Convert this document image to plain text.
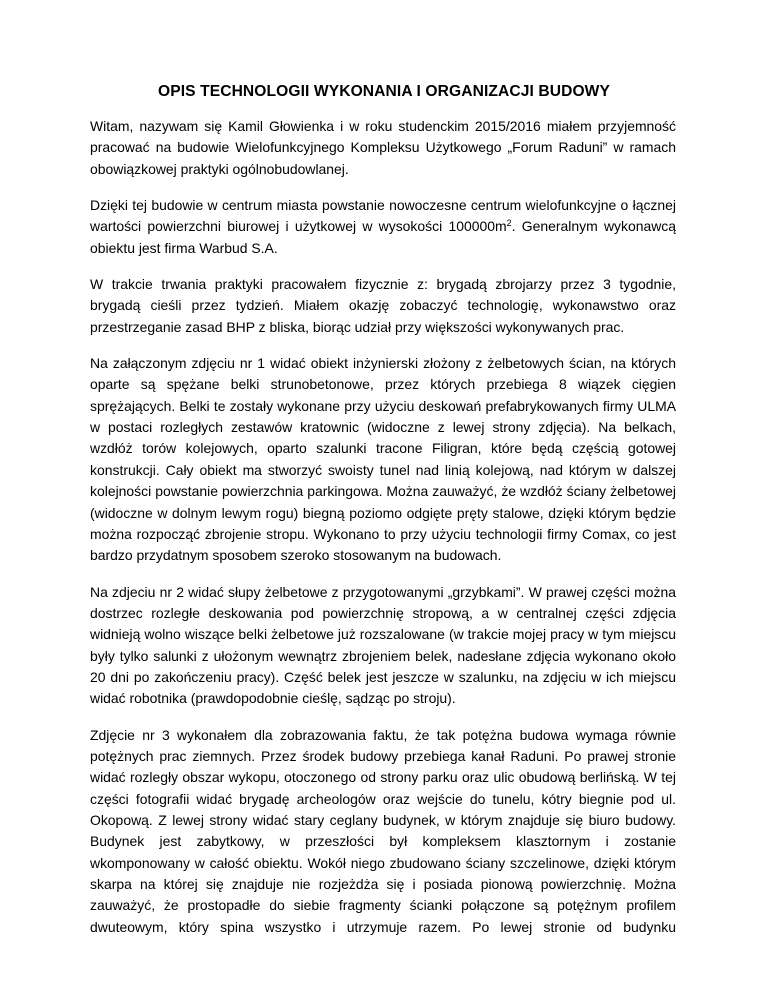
OPIS TECHNOLOGII WYKONANIA I ORGANIZACJI BUDOWY

Witam, nazywam się Kamil Głowienka i w roku studenckim 2015/2016 miałem przyjemność pracować na budowie Wielofunkcyjnego Kompleksu Użytkowego „Forum Raduni” w ramach obowiązkowej praktyki ogólnobudowlanej.

Dzięki tej budowie w centrum miasta powstanie nowoczesne centrum wielofunkcyjne o łącznej wartości powierzchni biurowej i użytkowej w wysokości $100000m^2$. Generalnym wykonawcą obiektu jest firma Warbud S.A.

W trakcie trwania praktyki pracowałem fizycznie z: brygadą zbrojarzy przez 3 tygodnie, brygadą cieśli przez tydzień. Miałem okazję zobaczyć technologię, wykonawstwo oraz przestrzeganie zasad BHP z bliska, biorąc udział przy większości wykonywanych prac.

Na załączonym zdjęciu nr 1 widać obiekt inżynierski złożony z żelbetowych ścian, na których oparte są spężane belki strunobetonowe, przez których przebiega 8 wiązek cięgien sprężających. Belki te zostały wykonane przy użyciu deskowań prefabrykowanych firmy ULMA w postaci rozległych zestawów kratownic (widoczne z lewej strony zdjęcia). Na belkach, wzdłóż torów kolejowych, oparto szalunki tracone Filigran, które będą częścią gotowej konstrukcji. Cały obiekt ma stworzyć swoisty tunel nad linią kolejową, nad którym w dalszej kolejności powstanie powierzchnia parkingowa. Można zauważyć, że wzdłóż ściany żelbetowej (widoczne w dolnym lewym rogu) biegną poziomo odgięte pręty stalowe, dzięki którym będzie można rozpocząć zbrojenie stropu. Wykonano to przy użyciu technologii firmy Comax, co jest bardzo przydatnym sposobem szeroko stosowanym na budowach.

Na zdjeciu nr 2 widać słupy żelbetowe z przygotowanymi „grzybkami”. W prawej części można dostrzec rozległe deskowania pod powierzchnię stropową, a w centralnej części zdjęcia widnieją wolno wiszące belki żelbetowe już rozszalowane (w trakcie mojej pracy w tym miejscu były tylko salunki z ułożonym wewnątrz zbrojeniem belek, nadesłane zdjęcia wykonano około 20 dni po zakończeniu pracy). Część belek jest jeszcze w szalunku, na zdjęciu w ich miejscu widać robotnika (prawdopodobnie cieślę, sądząc po stroju).

Zdjęcie nr 3 wykonałem dla zobrazowania faktu, że tak potężna budowa wymaga równie potężnych prac ziemnych. Przez środek budowy przebiega kanał Raduni. Po prawej stronie widać rozległy obszar wykopu, otoczonego od strony parku oraz ulic obudową berlińską. W tej części fotografii widać brygadę archeologów oraz wejście do tunelu, kótry biegnie pod ul. Okopową. Z lewej strony widać stary ceglany budynek, w którym znajduje się biuro budowy. Budynek jest zabytkowy, w przeszłości był kompleksem klasztornym i zostanie wkomponowany w całość obiektu. Wokół niego zbudowano ściany szczelinowe, dzięki którym skarpa na której się znajduje nie rozjeżdża się i posiada pionową powierzchnię. Można zauważyć, że prostopadłe do siebie fragmenty ścianki połączone są potężnym profilem dwuteowym, który spina wszystko i utrzymuje razem. Po lewej stronie od budynku
